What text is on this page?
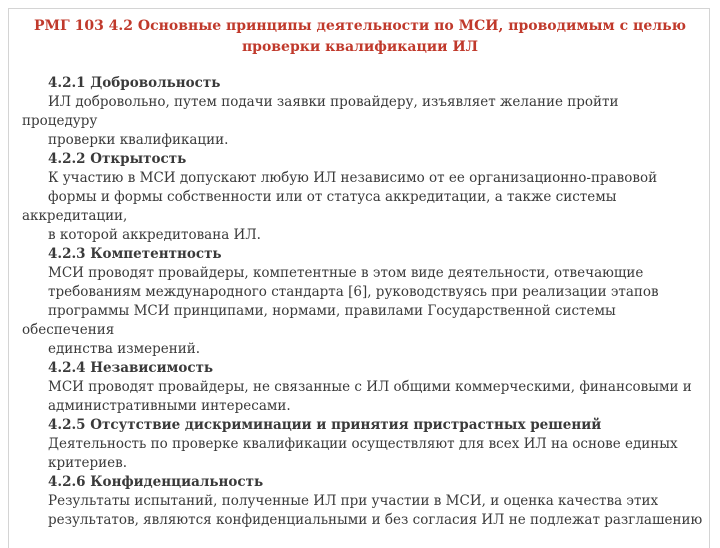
РМГ 103 4.2 Основные принципы деятельности по МСИ, проводимым с целью
проверки квалификации ИЛ
4.2.1 Добровольность
ИЛ добровольно, путем подачи заявки провайдеру, изъявляет желание пройти
процедуру
проверки квалификации.
4.2.2 Открытость
К участию в МСИ допускают любую ИЛ независимо от ее организационно-правовой
формы и формы собственности или от статуса аккредитации, а также системы
аккредитации,
в которой аккредитована ИЛ.
4.2.3 Компетентность
МСИ проводят провайдеры, компетентные в этом виде деятельности, отвечающие
требованиям международного стандарта [6], руководствуясь при реализации этапов
программы МСИ принципами, нормами, правилами Государственной системы
обеспечения
единства измерений.
4.2.4 Независимость
МСИ проводят провайдеры, не связанные с ИЛ общими коммерческими, финансовыми и
административными интересами.
4.2.5 Отсутствие дискриминации и принятия пристрастных решений
Деятельность по проверке квалификации осуществляют для всех ИЛ на основе единых
критериев.
4.2.6 Конфиденциальность
Результаты испытаний, полученные ИЛ при участии в МСИ, и оценка качества этих
результатов, являются конфиденциальными и без согласия ИЛ не подлежат разглашению
